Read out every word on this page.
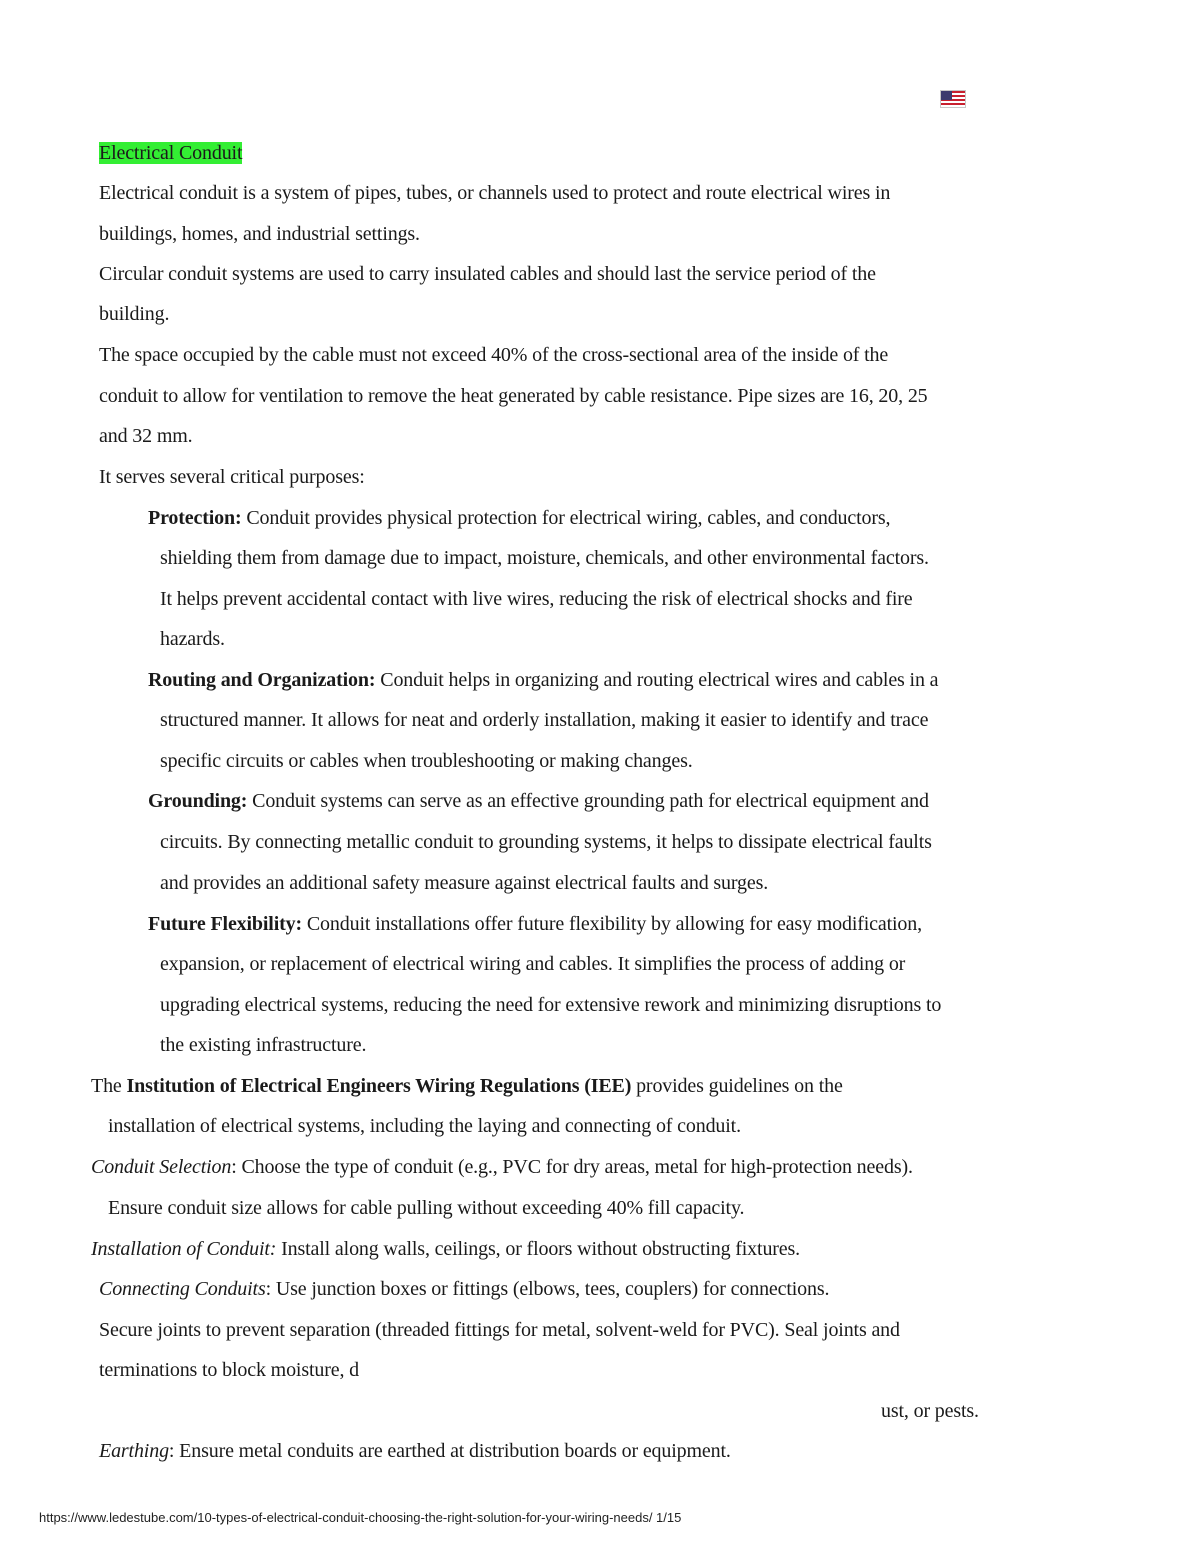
Electrical Conduit
Electrical conduit is a system of pipes, tubes, or channels used to protect and route electrical wires in
buildings, homes, and industrial settings.
Circular conduit systems are used to carry insulated cables and should last the service period of the
building.
The space occupied by the cable must not exceed 40% of the cross-sectional area of the inside of the
conduit to allow for ventilation to remove the heat generated by cable resistance. Pipe sizes are 16, 20, 25
and 32 mm.
It serves several critical purposes:
Protection: Conduit provides physical protection for electrical wiring, cables, and conductors,
shielding them from damage due to impact, moisture, chemicals, and other environmental factors.
It helps prevent accidental contact with live wires, reducing the risk of electrical shocks and fire
hazards.
Routing and Organization: Conduit helps in organizing and routing electrical wires and cables in a
structured manner. It allows for neat and orderly installation, making it easier to identify and trace
specific circuits or cables when troubleshooting or making changes.
Grounding: Conduit systems can serve as an effective grounding path for electrical equipment and
circuits. By connecting metallic conduit to grounding systems, it helps to dissipate electrical faults
and provides an additional safety measure against electrical faults and surges.
Future Flexibility: Conduit installations offer future flexibility by allowing for easy modification,
expansion, or replacement of electrical wiring and cables. It simplifies the process of adding or
upgrading electrical systems, reducing the need for extensive rework and minimizing disruptions to
the existing infrastructure.
The Institution of Electrical Engineers Wiring Regulations (IEE) provides guidelines on the
installation of electrical systems, including the laying and connecting of conduit.
Conduit Selection: Choose the type of conduit (e.g., PVC for dry areas, metal for high-protection needs).
Ensure conduit size allows for cable pulling without exceeding 40% fill capacity.
Installation of Conduit: Install along walls, ceilings, or floors without obstructing fixtures.
Connecting Conduits: Use junction boxes or fittings (elbows, tees, couplers) for connections.
Secure joints to prevent separation (threaded fittings for metal, solvent-weld for PVC). Seal joints and
terminations to block moisture, d
ust, or pests.
Earthing: Ensure metal conduits are earthed at distribution boards or equipment.
https://www.ledestube.com/10-types-of-electrical-conduit-choosing-the-right-solution-for-your-wiring-needs/ 1/15
